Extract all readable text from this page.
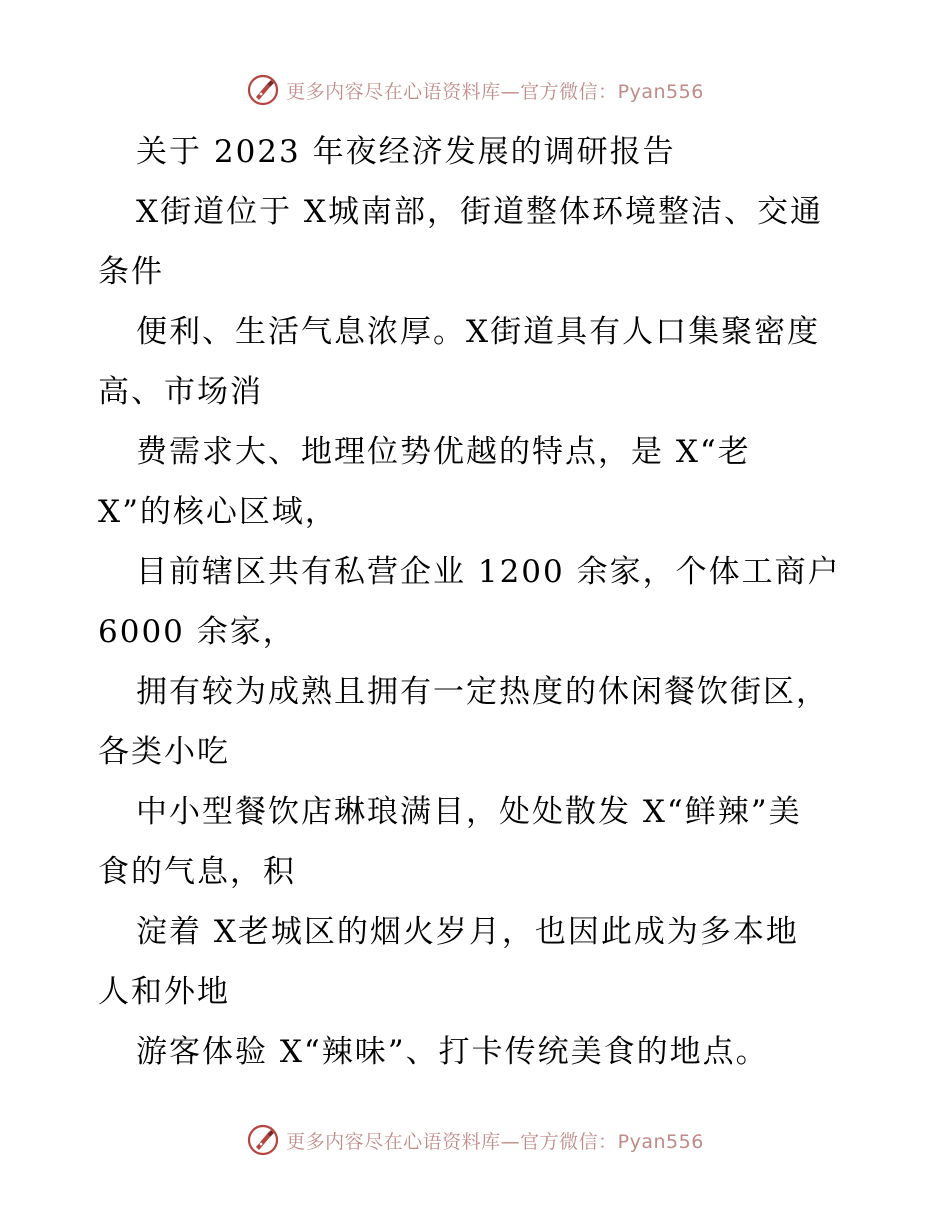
更多内容尽在心语资料库—官方微信：Pyan556
关于 2023 年夜经济发展的调研报告
X街道位于 X城南部，街道整体环境整洁、交通
条件
便利、生活气息浓厚。X街道具有人口集聚密度
高、市场消
费需求大、地理位势优越的特点，是 X“老
X”的核心区域，
目前辖区共有私营企业 1200 余家，个体工商户
6000 余家，
拥有较为成熟且拥有一定热度的休闲餐饮街区，
各类小吃
中小型餐饮店琳琅满目，处处散发 X“鲜辣”美
食的气息，积
淀着 X老城区的烟火岁月，也因此成为多本地
人和外地
游客体验 X“辣味”、打卡传统美食的地点。
更多内容尽在心语资料库—官方微信：Pyan556
